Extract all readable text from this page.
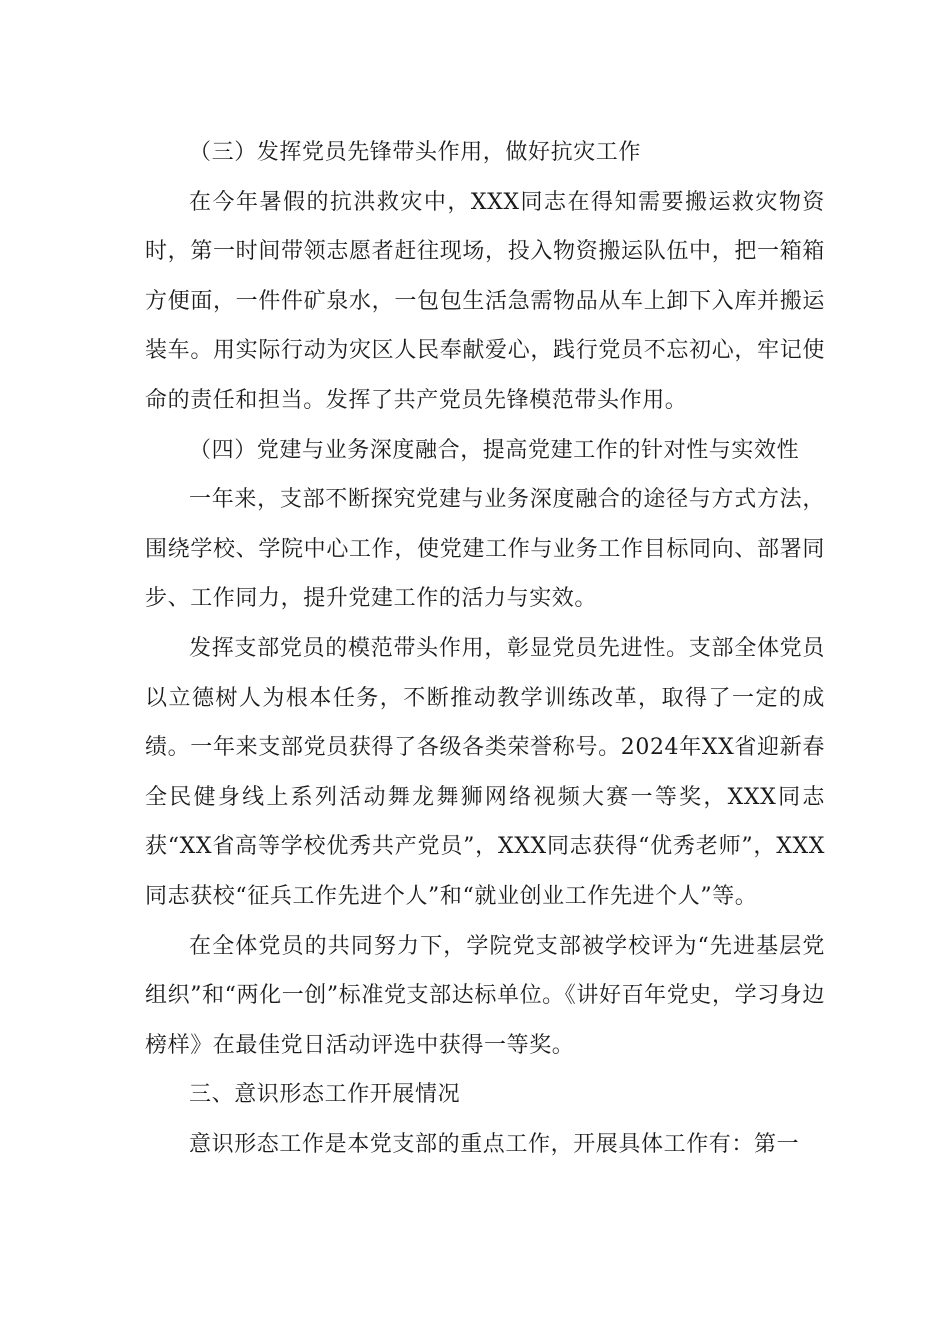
（三）发挥党员先锋带头作用，做好抗灾工作

在今年暑假的抗洪救灾中，XXX同志在得知需要搬运救灾物资时，第一时间带领志愿者赶往现场，投入物资搬运队伍中，把一箱箱方便面，一件件矿泉水，一包包生活急需物品从车上卸下入库并搬运装车。用实际行动为灾区人民奉献爱心，践行党员不忘初心，牢记使命的责任和担当。发挥了共产党员先锋模范带头作用。

（四）党建与业务深度融合，提高党建工作的针对性与实效性

一年来，支部不断探究党建与业务深度融合的途径与方式方法，围绕学校、学院中心工作，使党建工作与业务工作目标同向、部署同步、工作同力，提升党建工作的活力与实效。

发挥支部党员的模范带头作用，彰显党员先进性。支部全体党员以立德树人为根本任务，不断推动教学训练改革，取得了一定的成绩。一年来支部党员获得了各级各类荣誉称号。2024年XX省迎新春全民健身线上系列活动舞龙舞狮网络视频大赛一等奖，XXX同志获“XX省高等学校优秀共产党员”，XXX同志获得“优秀老师”，XXX同志获校“征兵工作先进个人”和“就业创业工作先进个人”等。

在全体党员的共同努力下，学院党支部被学校评为“先进基层党组织”和“两化一创”标准党支部达标单位。《讲好百年党史，学习身边榜样》在最佳党日活动评选中获得一等奖。

三、意识形态工作开展情况

意识形态工作是本党支部的重点工作，开展具体工作有：第一
